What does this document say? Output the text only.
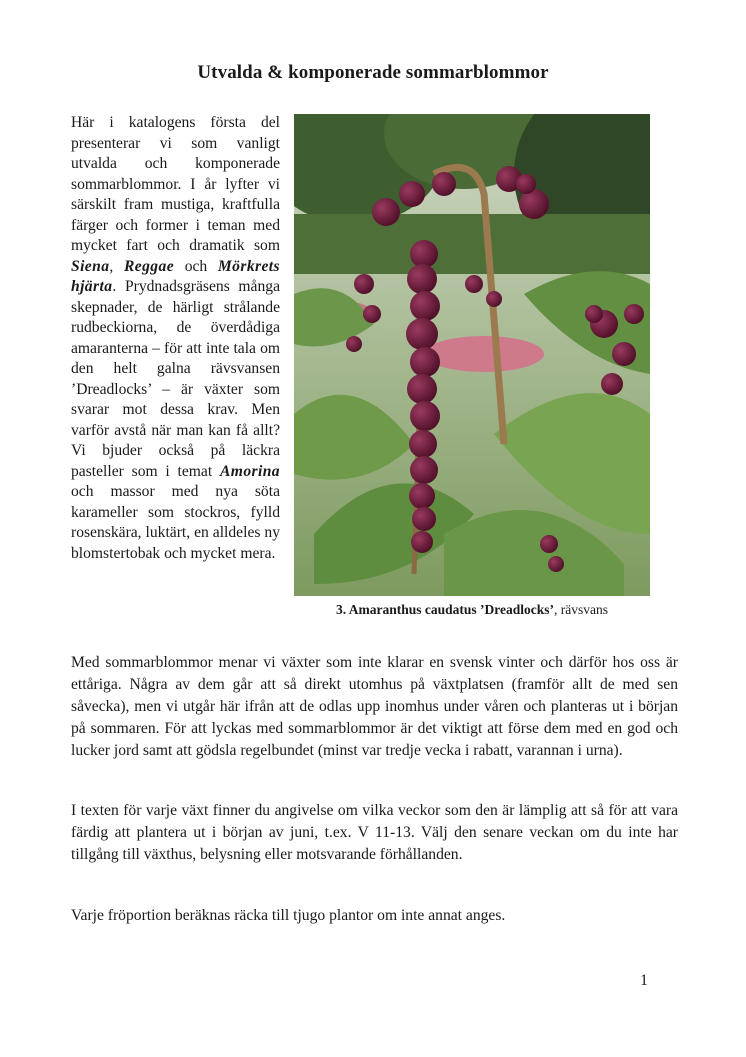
Utvalda & komponerade sommarblommor
Här i katalogens första del presenterar vi som vanligt utvalda och komponerade sommarblommor. I år lyfter vi särskilt fram mustiga, kraftfulla färger och former i teman med mycket fart och dramatik som Siena, Reggae och Mörkrets hjärta. Prydnadsgräsens många skepnader, de härligt strålande rudbeckiorna, de överdådiga amaranterna – för att inte tala om den helt galna rävsvansen ’Dreadlocks’ – är växter som svarar mot dessa krav. Men varför avstå när man kan få allt? Vi bjuder också på läckra pasteller som i temat Amorina och massor med nya söta karameller som stockros, fylld rosenskära, luktärt, en alldeles ny blomstertobak och mycket mera.
3. Amaranthus caudatus ’Dreadlocks’, rävsvans
Med sommarblommor menar vi växter som inte klarar en svensk vinter och därför hos oss är ettåriga. Några av dem går att så direkt utomhus på växtplatsen (framför allt de med sen såvecka), men vi utgår här ifrån att de odlas upp inomhus under våren och planteras ut i början på sommaren. För att lyckas med sommarblommor är det viktigt att förse dem med en god och lucker jord samt att gödsla regelbundet (minst var tredje vecka i rabatt, varannan i urna).
I texten för varje växt finner du angivelse om vilka veckor som den är lämplig att så för att vara färdig att plantera ut i början av juni, t.ex. V 11-13. Välj den senare veckan om du inte har tillgång till växthus, belysning eller motsvarande förhållanden.
Varje fröportion beräknas räcka till tjugo plantor om inte annat anges.
1
